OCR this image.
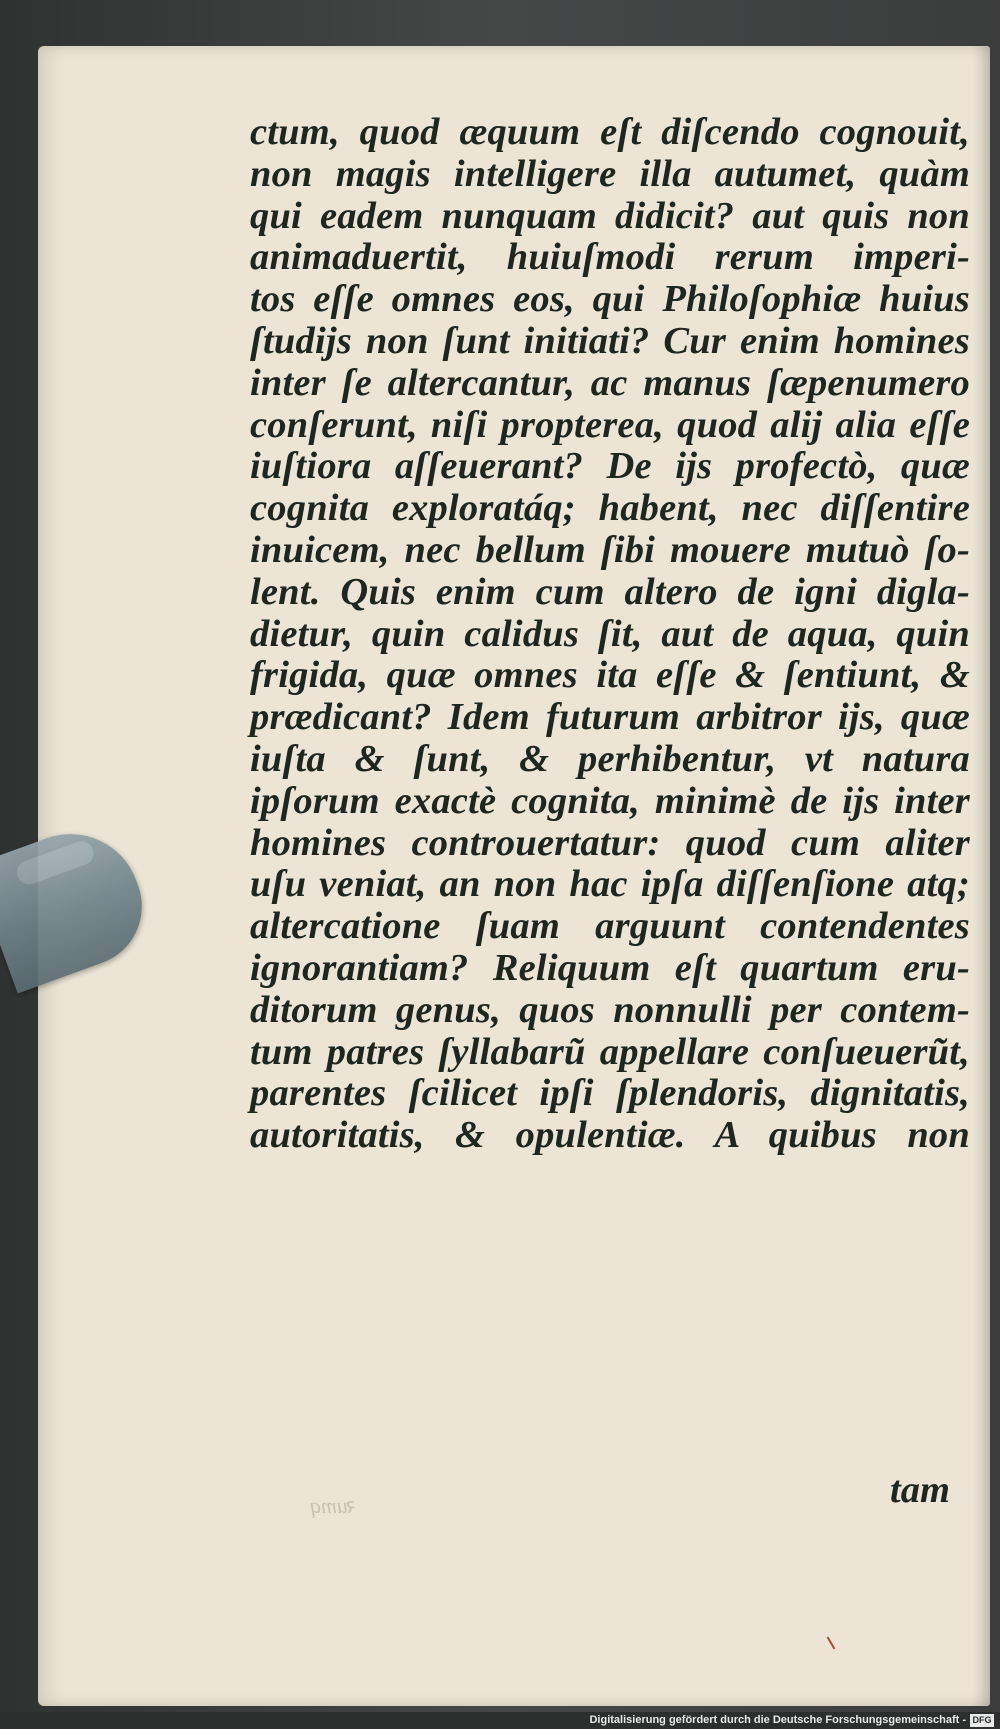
ꝛumq
ctum, quod æquum eſt diſcendo cognouit,
non magis intelligere illa autumet, quàm
qui eadem nunquam didicit? aut quis non
animaduertit, huiuſmodi rerum imperi-
tos eſſe omnes eos, qui Philoſophiæ huius
ſtudijs non ſunt initiati? Cur enim homines
inter ſe altercantur, ac manus ſæpenumero
conſerunt, niſi propterea, quod alij alia eſſe
iuſtiora aſſeuerant? De ijs profectò, quæ
cognita exploratáq; habent, nec diſſentire
inuicem, nec bellum ſibi mouere mutuò ſo-
lent. Quis enim cum altero de igni digla-
dietur, quin calidus ſit, aut de aqua, quin
frigida, quæ omnes ita eſſe & ſentiunt, &
prædicant? Idem futurum arbitror ijs, quæ
iuſta & ſunt, & perhibentur, vt natura
ipſorum exactè cognita, minimè de ijs inter
homines controuertatur: quod cum aliter
uſu veniat, an non hac ipſa diſſenſione atq;
altercatione ſuam arguunt contendentes
ignorantiam? Reliquum eſt quartum eru-
ditorum genus, quos nonnulli per contem-
tum patres ſyllabarũ appellare conſueuerũt,
parentes ſcilicet ipſi ſplendoris, dignitatis,
autoritatis, & opulentiæ. A quibus non
tam
Digitalisierung gefördert durch die Deutsche Forschungsgemeinschaft - DFG
